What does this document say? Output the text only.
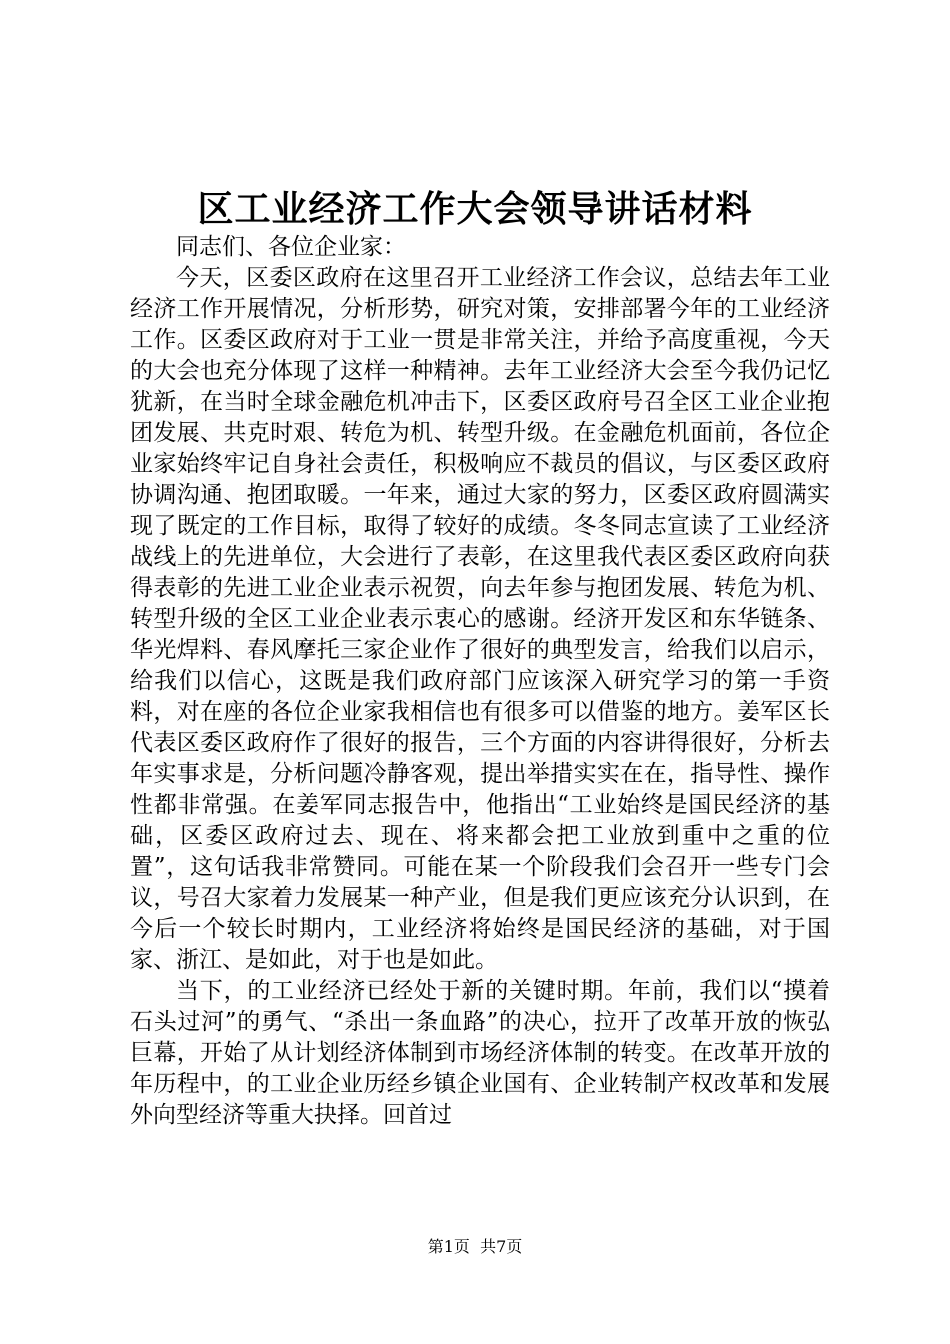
区工业经济工作大会领导讲话材料

同志们、各位企业家：

今天，区委区政府在这里召开工业经济工作会议，总结去年工业经济工作开展情况，分析形势，研究对策，安排部署今年的工业经济工作。区委区政府对于工业一贯是非常关注，并给予高度重视，今天的大会也充分体现了这样一种精神。去年工业经济大会至今我仍记忆犹新，在当时全球金融危机冲击下，区委区政府号召全区工业企业抱团发展、共克时艰、转危为机、转型升级。在金融危机面前，各位企业家始终牢记自身社会责任，积极响应不裁员的倡议，与区委区政府协调沟通、抱团取暖。一年来，通过大家的努力，区委区政府圆满实现了既定的工作目标，取得了较好的成绩。冬冬同志宣读了工业经济战线上的先进单位，大会进行了表彰，在这里我代表区委区政府向获得表彰的先进工业企业表示祝贺，向去年参与抱团发展、转危为机、转型升级的全区工业企业表示衷心的感谢。经济开发区和东华链条、华光焊料、春风摩托三家企业作了很好的典型发言，给我们以启示，给我们以信心，这既是我们政府部门应该深入研究学习的第一手资料，对在座的各位企业家我相信也有很多可以借鉴的地方。姜军区长代表区委区政府作了很好的报告，三个方面的内容讲得很好，分析去年实事求是，分析问题冷静客观，提出举措实实在在，指导性、操作性都非常强。在姜军同志报告中，他指出“工业始终是国民经济的基础，区委区政府过去、现在、将来都会把工业放到重中之重的位置”，这句话我非常赞同。可能在某一个阶段我们会召开一些专门会议，号召大家着力发展某一种产业，但是我们更应该充分认识到，在今后一个较长时期内，工业经济将始终是国民经济的基础，对于国家、浙江、是如此，对于也是如此。

当下，的工业经济已经处于新的关键时期。年前，我们以“摸着石头过河”的勇气、“杀出一条血路”的决心，拉开了改革开放的恢弘巨幕，开始了从计划经济体制到市场经济体制的转变。在改革开放的年历程中，的工业企业历经乡镇企业国有、企业转制产权改革和发展外向型经济等重大抉择。回首过

第1页 共7页
